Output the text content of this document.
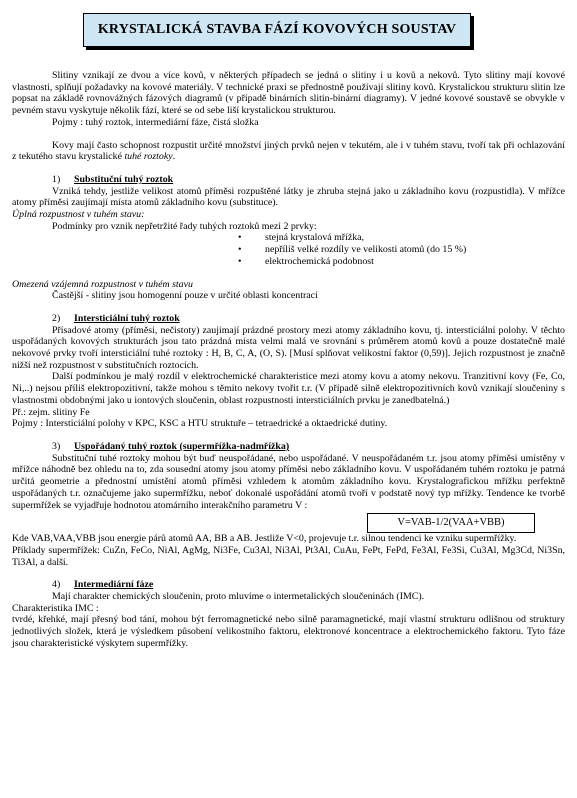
KRYSTALICKÁ STAVBA FÁZÍ KOVOVÝCH SOUSTAV

Slitiny vznikají ze dvou a více kovů, v některých případech se jedná o slitiny i u kovů a nekovů. Tyto slitiny mají kovové vlastnosti, splňují požadavky na kovové materiály. V technické praxi se přednostně používají slitiny kovů. Krystalickou strukturu slitin lze popsat na základě rovnovážných fázových diagramů (v případě binárních slitin-binární diagramy). V jedné kovové soustavě se obvykle v pevném stavu vyskytuje několik fází, které se od sebe liší krystalickou strukturou.

Pojmy : tuhý roztok, intermediární fáze, čistá složka

Kovy mají často schopnost rozpustit určité množství jiných prvků nejen v tekutém, ale i v tuhém stavu, tvoří tak při ochlazování z tekutého stavu krystalické tuhé roztoky.

1) Substituční tuhý roztok

Vzniká tehdy, jestliže velikost atomů příměsi rozpuštěné látky je zhruba stejná jako u základního kovu (rozpustidla). V mřížce atomy příměsi zaujímají místa atomů základního kovu (substituce).

Úplná rozpustnost v tuhém stavu:

Podmínky pro vznik nepřetržité řady tuhých roztoků mezi 2 prvky:

• stejná krystalová mřížka,
• nepříliš velké rozdíly ve velikosti atomů (do 15 %)
• elektrochemická podobnost

Omezená vzájemná rozpustnost v tuhém stavu

Častější - slitiny jsou homogenní pouze v určité oblasti koncentrací

2) Intersticiální tuhý roztok

Přísadové atomy (příměsi, nečistoty) zaujímají prázdné prostory mezi atomy základního kovu, tj. intersticiální polohy. V těchto uspořádaných kovových strukturách jsou tato prázdná místa velmi malá ve srovnání s průměrem atomů kovů a pouze dostatečně malé nekovové prvky tvoří intersticiální tuhé roztoky : H, B, C, A, (O, S). [Musí splňovat velikostní faktor (0,59)]. Jejich rozpustnost je značně nižší než rozpustnost v substitučních roztocích.

Další podmínkou je malý rozdíl v elektrochemické charakteristice mezi atomy kovu a atomy nekovu. Tranzitivní kovy (Fe, Co, Ni,..) nejsou příliš elektropozitivní, takže mohou s těmito nekovy tvořit t.r. (V případě silně elektropozitivních kovů vznikají sloučeniny s vlastnostmi obdobnými jako u iontových sloučenin, oblast rozpustnosti intersticiálních prvku je zanedbatelná.)

Př.: zejm. slitiny Fe

Pojmy : Intersticiální polohy v KPC, KSC a HTU struktuře – tetraedrické a oktaedrické dutiny.

3) Uspořádaný tuhý roztok (supermřížka-nadmřížka)

Substituční tuhé roztoky mohou být buď neuspořádané, nebo uspořádané. V neuspořádaném t.r. jsou atomy příměsi umístěny v mřížce náhodně bez ohledu na to, zda sousední atomy jsou atomy příměsi nebo základního kovu. V uspořádaném tuhém roztoku je patrná určitá geometrie a přednostní umístění atomů příměsi vzhledem k atomům základního kovu. Krystalografickou mřížku perfektně uspořádaných t.r. označujeme jako supermřížku, neboť dokonalé uspořádání atomů tvoří v podstatě nový typ mřížky. Tendence ke tvorbě supermřížek se vyjadřuje hodnotou atomárního interakčního parametru V :

V=VAB-1/2(VAA+VBB)

Kde VAB,VAA,VBB jsou energie párů atomů AA, BB a AB. Jestliže V<0, projevuje t.r. silnou tendenci ke vzniku supermřížky.

Příklady supermřížek: CuZn, FeCo, NiAl, AgMg, Ni3Fe, Cu3Al, Ni3Al, Pt3Al, CuAu, FePt, FePd, Fe3Al, Fe3Si, Cu3Al, Mg3Cd, Ni3Sn, Ti3Al, a další.

4) Intermediární fáze

Mají charakter chemických sloučenin, proto mluvíme o intermetalických sloučeninách (IMC).

Charakteristika IMC :

tvrdé, křehké, mají přesný bod tání, mohou být ferromagnetické nebo silně paramagnetické, mají vlastní strukturu odlišnou od struktury jednotlivých složek, která je výsledkem působení velikostního faktoru, elektronové koncentrace a elektrochemického faktoru. Tyto fáze jsou charakteristické výskytem supermřížky.
